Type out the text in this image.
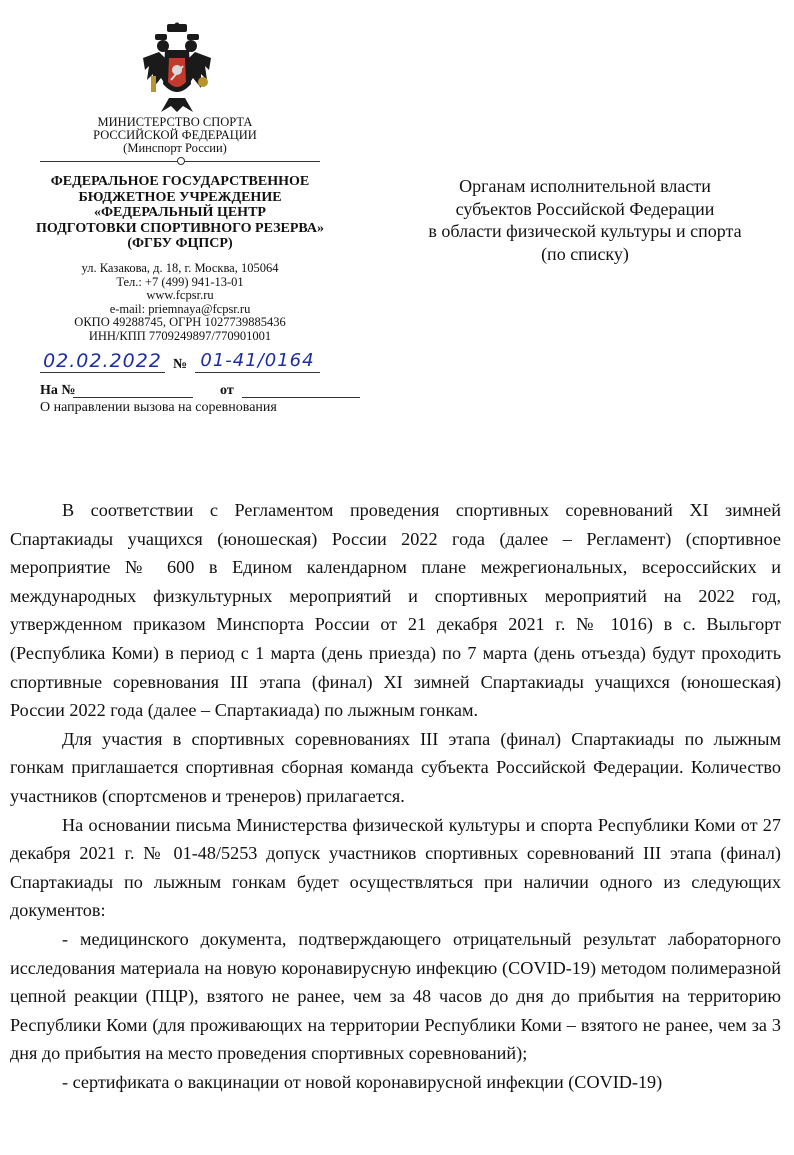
МИНИСТЕРСТВО СПОРТА
РОССИЙСКОЙ ФЕДЕРАЦИИ
(Минспорт России)
ФЕДЕРАЛЬНОЕ ГОСУДАРСТВЕННОЕ
БЮДЖЕТНОЕ УЧРЕЖДЕНИЕ
«ФЕДЕРАЛЬНЫЙ ЦЕНТР
ПОДГОТОВКИ СПОРТИВНОГО РЕЗЕРВА»
(ФГБУ ФЦПСР)
ул. Казакова, д. 18, г. Москва, 105064
Тел.: +7 (499) 941-13-01
www.fcpsr.ru
e-mail: priemnaya@fcpsr.ru
ОКПО 49288745, ОГРН 1027739885436
ИНН/КПП 7709249897/770901001
02.02.2022 № 01-41/0164
На №	от
О направлении вызова на соревнования
Органам исполнительной власти
субъектов Российской Федерации
в области физической культуры и спорта
(по списку)

В соответствии с Регламентом проведения спортивных соревнований XI зимней Спартакиады учащихся (юношеская) России 2022 года (далее – Регламент) (спортивное мероприятие № 600 в Едином календарном плане межрегиональных, всероссийских и международных физкультурных мероприятий и спортивных мероприятий на 2022 год, утвержденном приказом Минспорта России от 21 декабря 2021 г. № 1016) в с. Выльгорт (Республика Коми) в период с 1 марта (день приезда) по 7 марта (день отъезда) будут проходить спортивные соревнования III этапа (финал) XI зимней Спартакиады учащихся (юношеская) России 2022 года (далее – Спартакиада) по лыжным гонкам.

Для участия в спортивных соревнованиях III этапа (финал) Спартакиады по лыжным гонкам приглашается спортивная сборная команда субъекта Российской Федерации. Количество участников (спортсменов и тренеров) прилагается.

На основании письма Министерства физической культуры и спорта Республики Коми от 27 декабря 2021 г. № 01-48/5253 допуск участников спортивных соревнований III этапа (финал) Спартакиады по лыжным гонкам будет осуществляться при наличии одного из следующих документов:

- медицинского документа, подтверждающего отрицательный результат лабораторного исследования материала на новую коронавирусную инфекцию (COVID-19) методом полимеразной цепной реакции (ПЦР), взятого не ранее, чем за 48 часов до дня до прибытия на территорию Республики Коми (для проживающих на территории Республики Коми – взятого не ранее, чем за 3 дня до прибытия на место проведения спортивных соревнований);

- сертификата о вакцинации от новой коронавирусной инфекции (COVID-19)
